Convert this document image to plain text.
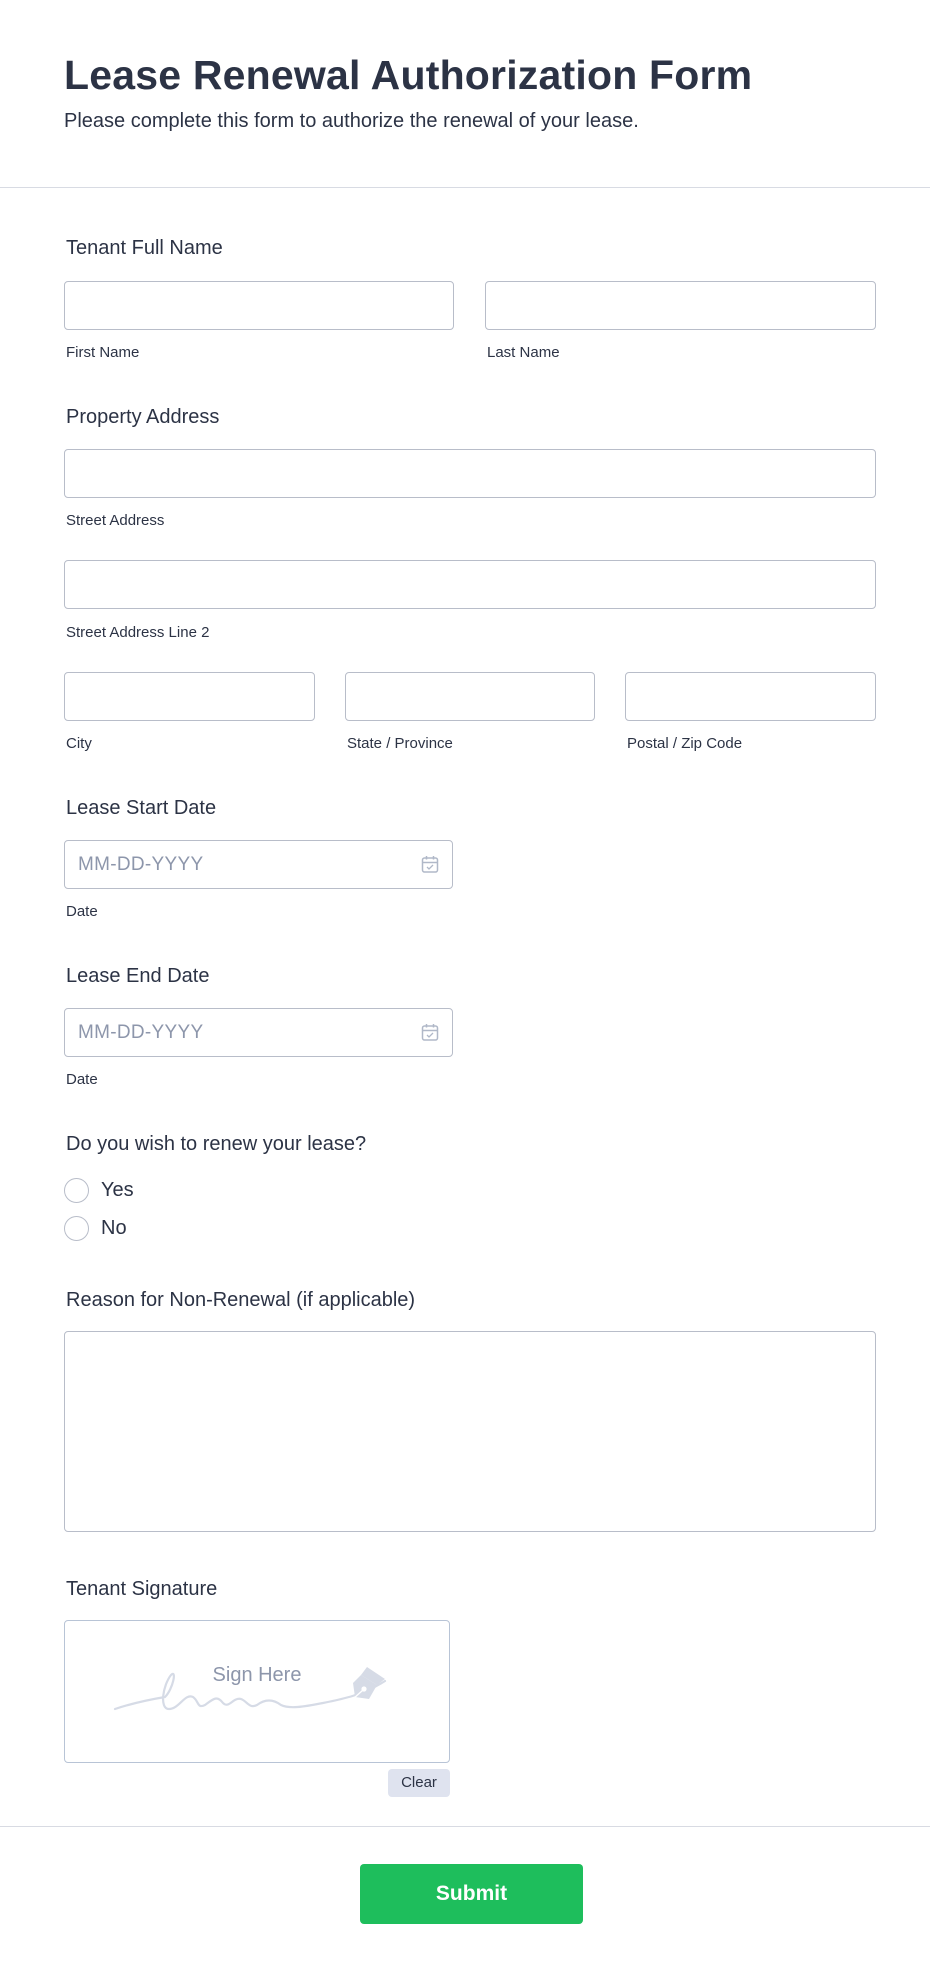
Lease Renewal Authorization Form
Please complete this form to authorize the renewal of your lease.
Tenant Full Name
First Name	Last Name
Property Address
Street Address
Street Address Line 2
City	State / Province	Postal / Zip Code
Lease Start Date
MM-DD-YYYY
Date
Lease End Date
MM-DD-YYYY
Date
Do you wish to renew your lease?
Yes
No
Reason for Non-Renewal (if applicable)
Tenant Signature
Sign Here
Clear
Submit
